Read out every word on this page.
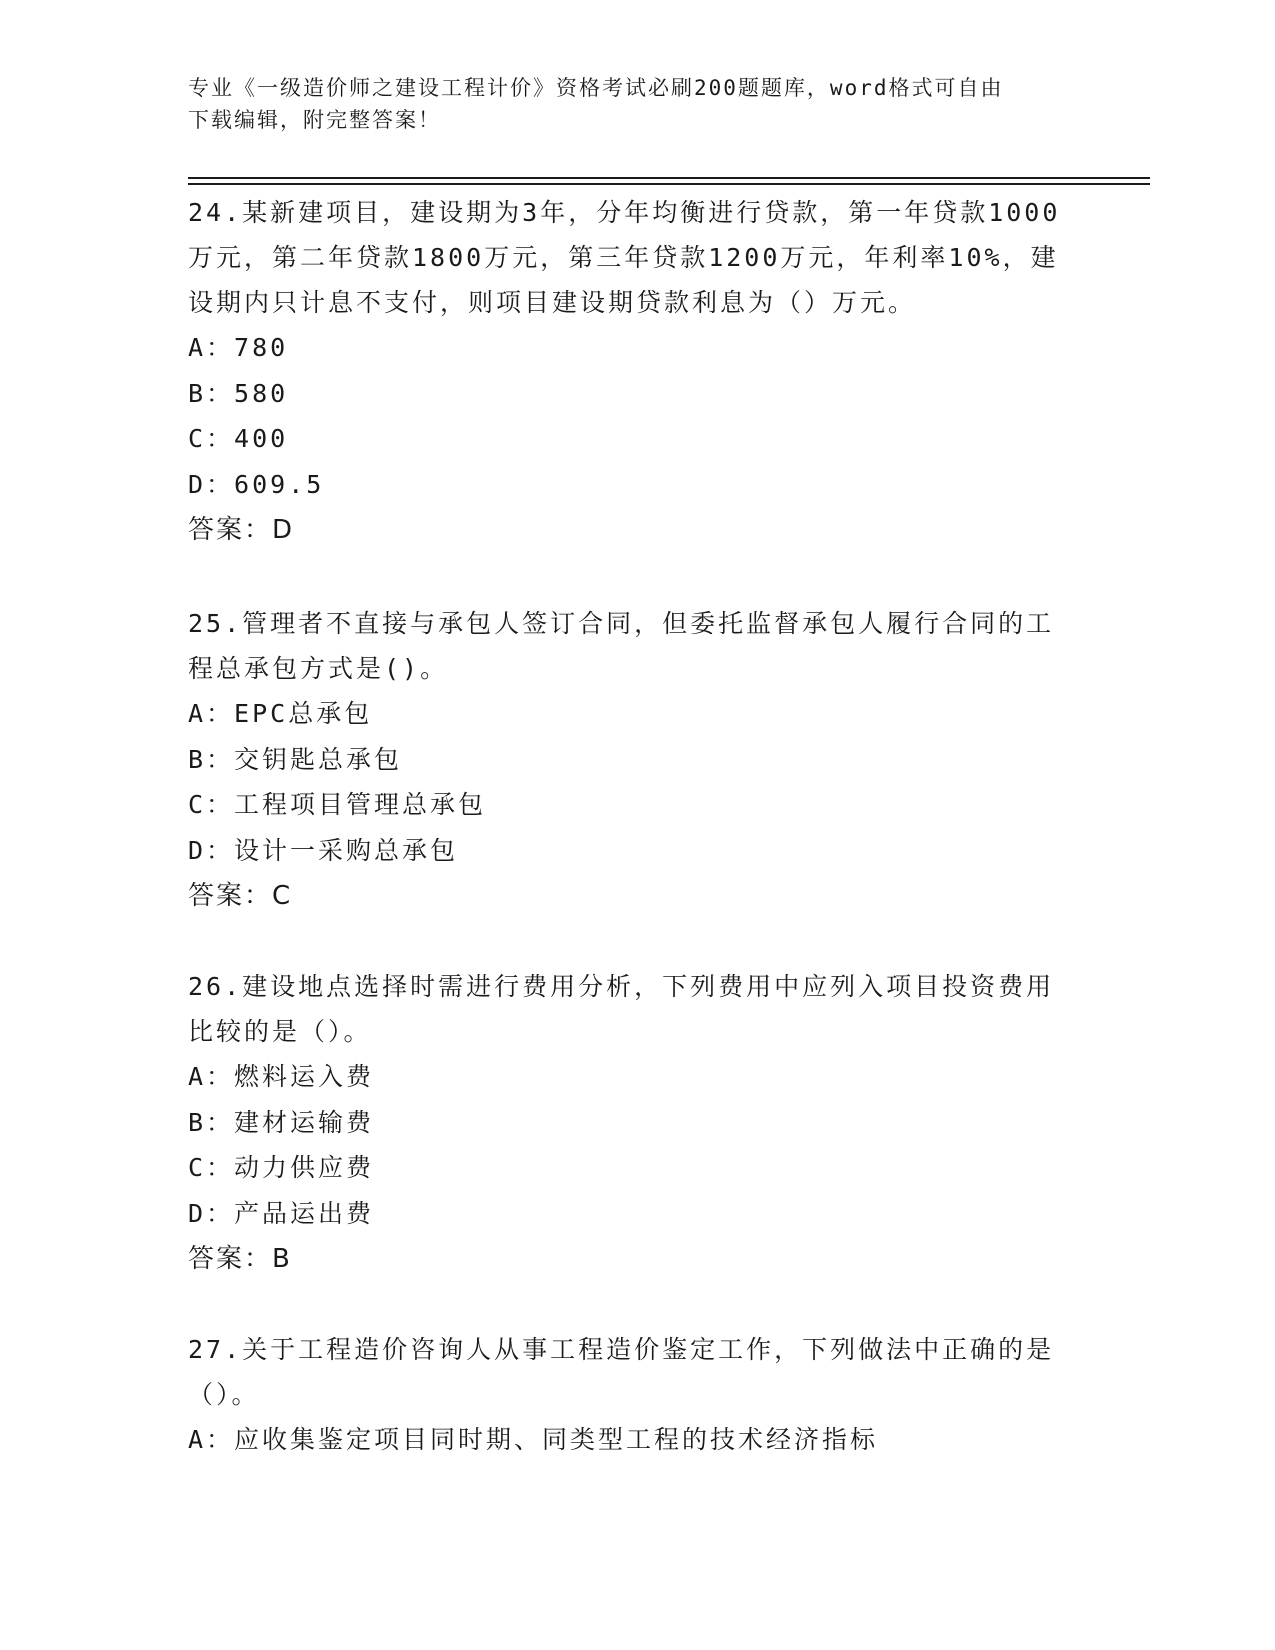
专业《一级造价师之建设工程计价》资格考试必刷200题题库，word格式可自由
下载编辑，附完整答案！

24.某新建项目，建设期为3年，分年均衡进行贷款，第一年贷款1000

万元，第二年贷款1800万元，第三年贷款1200万元，年利率10%，建

设期内只计息不支付，则项目建设期贷款利息为（）万元。

A：780

B：580

C：400

D：609.5

答案：D

25.管理者不直接与承包人签订合同，但委托监督承包人履行合同的工

程总承包方式是()。

A：EPC总承包

B：交钥匙总承包

C：工程项目管理总承包

D：设计一采购总承包

答案：C

26.建设地点选择时需进行费用分析，下列费用中应列入项目投资费用

比较的是（）。

A：燃料运入费

B：建材运输费

C：动力供应费

D：产品运出费

答案：B

27.关于工程造价咨询人从事工程造价鉴定工作，下列做法中正确的是

（）。

A：应收集鉴定项目同时期、同类型工程的技术经济指标
